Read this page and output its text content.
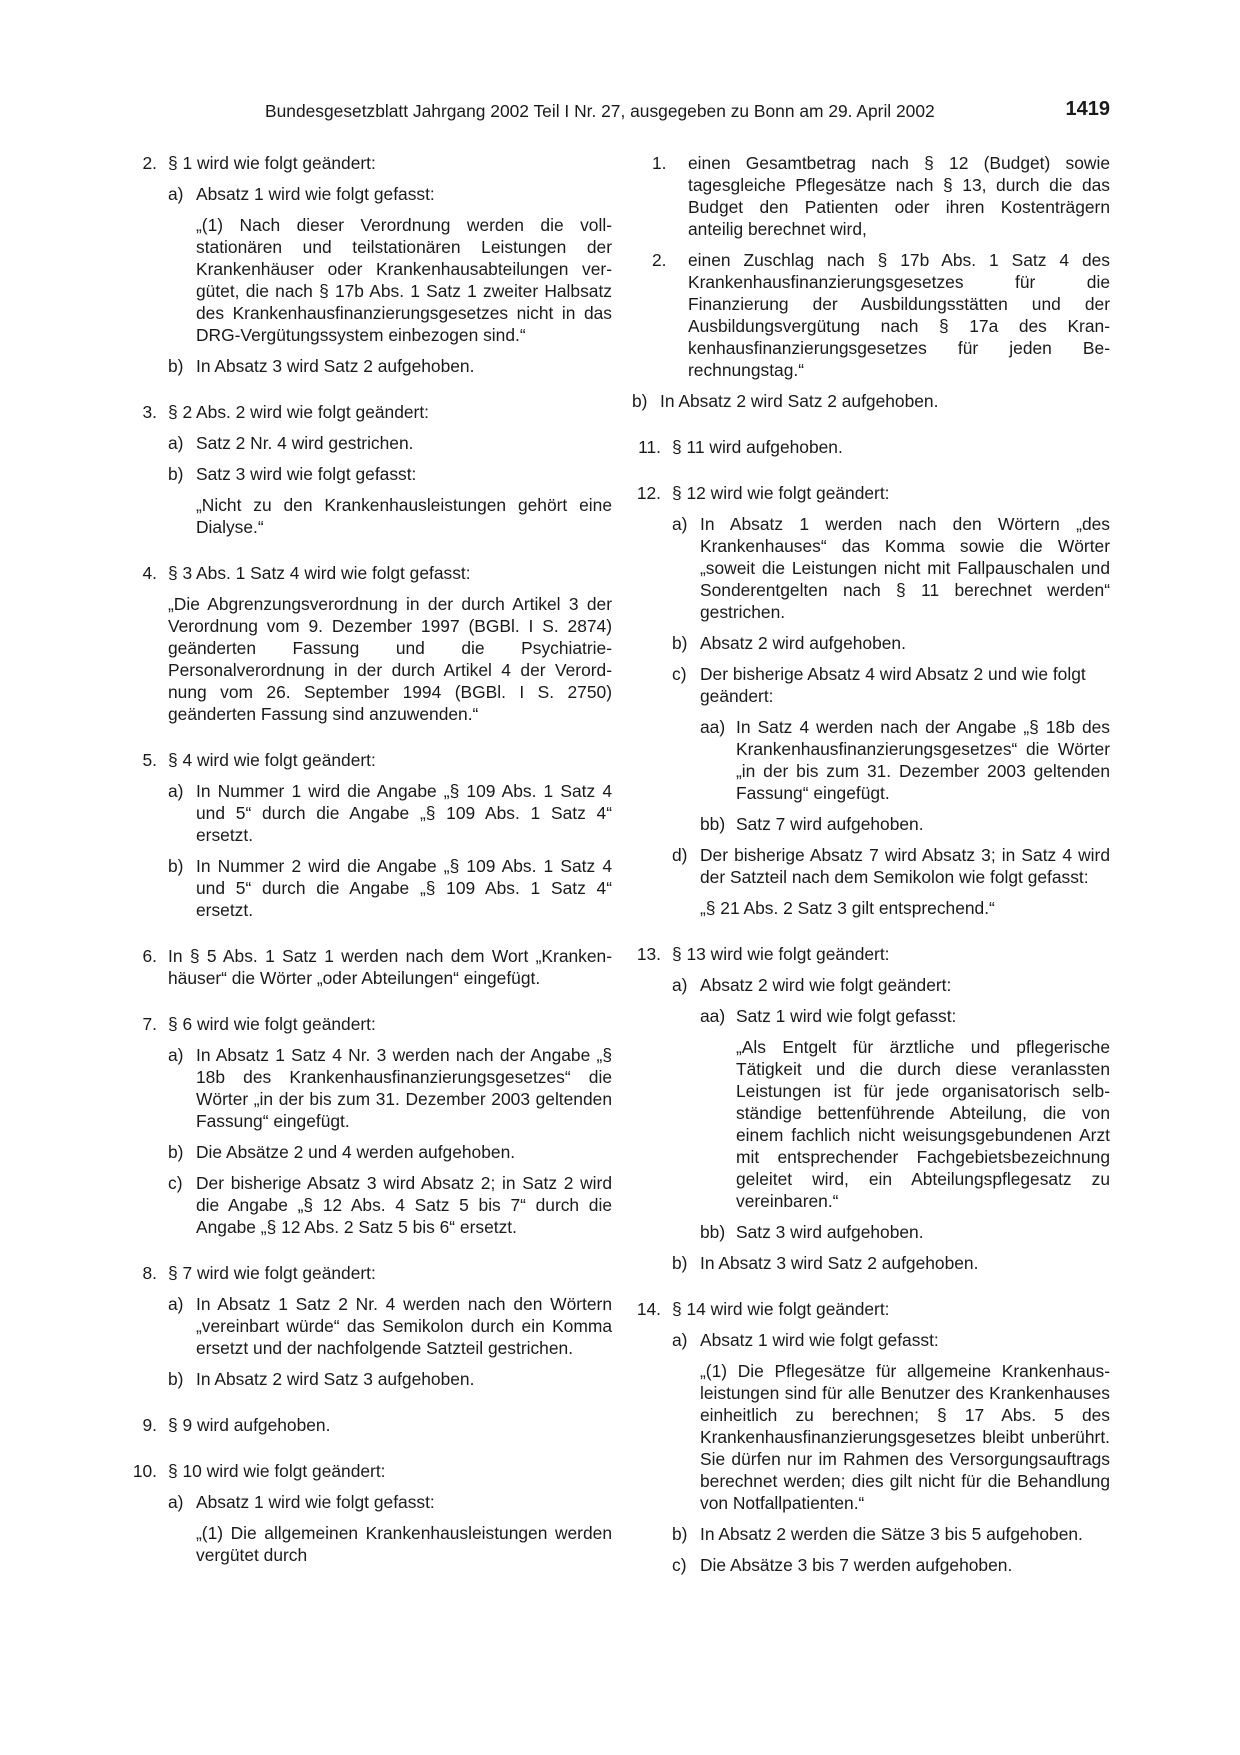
Bundesgesetzblatt Jahrgang 2002 Teil I Nr. 27, ausgegeben zu Bonn am 29. April 2002	1419
2. § 1 wird wie folgt geändert:
a) Absatz 1 wird wie folgt gefasst:
„(1) Nach dieser Verordnung werden die vollstationären und teilstationären Leistungen der Krankenhäuser oder Krankenhausabteilungen vergütet, die nach § 17b Abs. 1 Satz 1 zweiter Halbsatz des Krankenhausfinanzierungsgesetzes nicht in das DRG-Vergütungssystem einbezogen sind.“
b) In Absatz 3 wird Satz 2 aufgehoben.
3. § 2 Abs. 2 wird wie folgt geändert:
a) Satz 2 Nr. 4 wird gestrichen.
b) Satz 3 wird wie folgt gefasst:
„Nicht zu den Krankenhausleistungen gehört eine Dialyse.“
4. § 3 Abs. 1 Satz 4 wird wie folgt gefasst:
„Die Abgrenzungsverordnung in der durch Artikel 3 der Verordnung vom 9. Dezember 1997 (BGBl. I S. 2874) geänderten Fassung und die Psychiatrie-Personalverordnung in der durch Artikel 4 der Verordnung vom 26. September 1994 (BGBl. I S. 2750) geänderten Fassung sind anzuwenden.“
5. § 4 wird wie folgt geändert:
a) In Nummer 1 wird die Angabe „§ 109 Abs. 1 Satz 4 und 5“ durch die Angabe „§ 109 Abs. 1 Satz 4“ ersetzt.
b) In Nummer 2 wird die Angabe „§ 109 Abs. 1 Satz 4 und 5“ durch die Angabe „§ 109 Abs. 1 Satz 4“ ersetzt.
6. In § 5 Abs. 1 Satz 1 werden nach dem Wort „Krankenhäuser“ die Wörter „oder Abteilungen“ eingefügt.
7. § 6 wird wie folgt geändert:
a) In Absatz 1 Satz 4 Nr. 3 werden nach der Angabe „§ 18b des Krankenhausfinanzierungsgesetzes“ die Wörter „in der bis zum 31. Dezember 2003 geltenden Fassung“ eingefügt.
b) Die Absätze 2 und 4 werden aufgehoben.
c) Der bisherige Absatz 3 wird Absatz 2; in Satz 2 wird die Angabe „§ 12 Abs. 4 Satz 5 bis 7“ durch die Angabe „§ 12 Abs. 2 Satz 5 bis 6“ ersetzt.
8. § 7 wird wie folgt geändert:
a) In Absatz 1 Satz 2 Nr. 4 werden nach den Wörtern „vereinbart würde“ das Semikolon durch ein Komma ersetzt und der nachfolgende Satzteil gestrichen.
b) In Absatz 2 wird Satz 3 aufgehoben.
9. § 9 wird aufgehoben.
10. § 10 wird wie folgt geändert:
a) Absatz 1 wird wie folgt gefasst:
„(1) Die allgemeinen Krankenhausleistungen werden vergütet durch
1. einen Gesamtbetrag nach § 12 (Budget) sowie tagesgleiche Pflegesätze nach § 13, durch die das Budget den Patienten oder ihren Kostenträgern anteilig berechnet wird,
2. einen Zuschlag nach § 17b Abs. 1 Satz 4 des Krankenhausfinanzierungsgesetzes für die Finanzierung der Ausbildungsstätten und der Ausbildungsvergütung nach § 17a des Krankenhausfinanzierungsgesetzes für jeden Berechnungstag.“
b) In Absatz 2 wird Satz 2 aufgehoben.
11. § 11 wird aufgehoben.
12. § 12 wird wie folgt geändert:
a) In Absatz 1 werden nach den Wörtern „des Krankenhauses“ das Komma sowie die Wörter „soweit die Leistungen nicht mit Fallpauschalen und Sonderentgelten nach § 11 berechnet werden“ gestrichen.
b) Absatz 2 wird aufgehoben.
c) Der bisherige Absatz 4 wird Absatz 2 und wie folgt geändert:
aa) In Satz 4 werden nach der Angabe „§ 18b des Krankenhausfinanzierungsgesetzes“ die Wörter „in der bis zum 31. Dezember 2003 geltenden Fassung“ eingefügt.
bb) Satz 7 wird aufgehoben.
d) Der bisherige Absatz 7 wird Absatz 3; in Satz 4 wird der Satzteil nach dem Semikolon wie folgt gefasst:
„§ 21 Abs. 2 Satz 3 gilt entsprechend.“
13. § 13 wird wie folgt geändert:
a) Absatz 2 wird wie folgt geändert:
aa) Satz 1 wird wie folgt gefasst:
„Als Entgelt für ärztliche und pflegerische Tätigkeit und die durch diese veranlassten Leistungen ist für jede organisatorisch selbständige bettenführende Abteilung, die von einem fachlich nicht weisungsgebundenen Arzt mit entsprechender Fachgebietsbezeichnung geleitet wird, ein Abteilungspflegesatz zu vereinbaren.“
bb) Satz 3 wird aufgehoben.
b) In Absatz 3 wird Satz 2 aufgehoben.
14. § 14 wird wie folgt geändert:
a) Absatz 1 wird wie folgt gefasst:
„(1) Die Pflegesätze für allgemeine Krankenhausleistungen sind für alle Benutzer des Krankenhauses einheitlich zu berechnen; § 17 Abs. 5 des Krankenhausfinanzierungsgesetzes bleibt unberührt. Sie dürfen nur im Rahmen des Versorgungsauftrags berechnet werden; dies gilt nicht für die Behandlung von Notfallpatienten.“
b) In Absatz 2 werden die Sätze 3 bis 5 aufgehoben.
c) Die Absätze 3 bis 7 werden aufgehoben.
